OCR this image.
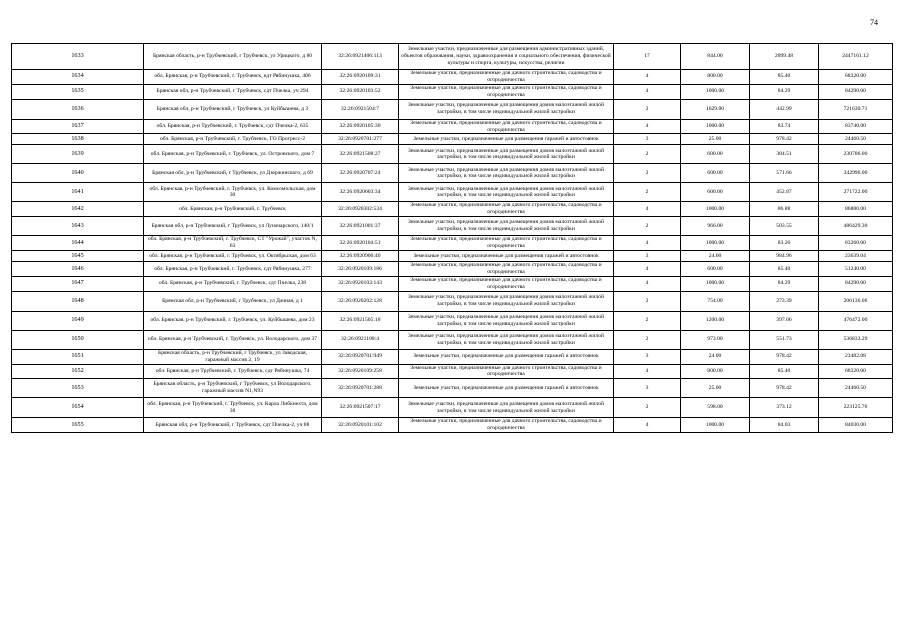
74
1633	Брянская область, р-н Трубчевский, г Трубчевск, ул Урицкого, д 80	32:26:0921406:113	Земельные участки, предназначенные для размещения административных зданий, объектов образования, науки, здравоохранения и социального обеспечения, физической культуры и спорта, культуры, искусства, религии	17	844.00	2899.48	2447161.12
1634	обл. Брянская, р-н Трубчевский, г. Трубчевск, едт Рябинушка, 406	32:26:0920109:31	Земельные участки, предназначенные для дачного строительства, садоводства и огородничества	4	800.00	85.40	68320.00
1635	Брянская обл, р-н Трубчевский, г Трубчевск, сдт Пчелка, уч 294	32:26:0920103:52	Земельные участки, предназначенные для дачного строительства, садоводства и огородничества	4	1000.00	84.29	84290.00
1636	Брянская обл, р-н Трубчевский, г Трубчевск, ул Куйбышева, д 3	32:26:0921504:7	Земельные участки, предназначенные для размещения домов малоэтажной жилой застройки, в том числе индивидуальной жилой застройки	2	1629.00	442.99	721630.71
1637	обл. Брянская, р-н Трубчевский, г. Трубчевск, сдт Пчелка-2, 635	32:26:0920105:30	Земельные участки, предназначенные для дачного строительства, садоводства и огородничества	4	1000.00	83.74	83740.00
1638	обл. Брянская, р-н Трубчевский, г. Трубчевск, ГО Прогресс-2	32:26:0920701:277	Земельные участки, предназначенные для размещения гаражей и автостоянок	3	25.00	978.42	24460.50
1639	обл. Брянская, р-н Трубчевский, г. Трубчевск, ул. Островского, дом 7	32:26:0921508:27	Земельные участки, предназначенные для размещения домов малоэтажной жилой застройки, в том числе индивидуальной жилой застройки	2	600.00	384.51	230706.00
1640	Брянская обл, р-н Трубчевский, г Трубчевск, ул Дзержинского, д 69	32:26:0920707:24	Земельные участки, предназначенные для размещения домов малоэтажной жилой застройки, в том числе индивидуальной жилой застройки	2	600.00	571.66	342996.00
1641	обл. Брянская, р-н Трубчевский, г. Трубчевск, ул. Комсомольская, дом 30	32:26:0920603:34	Земельные участки, предназначенные для размещения домов малоэтажной жилой застройки, в том числе индивидуальной жилой застройки	2	600.00	452.87	271722.00
1642	обл. Брянская, р-н Трубчевский, г. Трубчевск	32:26:0920302:534	Земельные участки, предназначенные для дачного строительства, садоводства и огородничества	4	1000.00	86.88	86880.00
1643	Брянская обл, р-н Трубчевский, г Трубчевск, ул Луначарского, 140/1	32:26:0921001:37	Земельные участки, предназначенные для размещения домов малоэтажной жилой застройки, в том числе индивидуальной жилой застройки	2	966.00	503.55	486429.30
1644	обл. Брянская, р-н Трубчевский, г. Трубчевск, СТ "Урожай", участок N, 63	32:26:0920104:51	Земельные участки, предназначенные для дачного строительства, садоводства и огородничества	4	1000.00	83.26	83260.00
1645	обл. Брянская, р-н Трубчевский, г. Трубчевск, ул. Октябрьская, дом 63	32:26:0920906:40	Земельные участки, предназначенные для размещения гаражей и автостоянок	3	24.00	984.96	23639.04
1646	обл. Брянская, р-н Трубчевский, г. Трубчевск, сдт Рябинушка, 277	32:26:0920109:186	Земельные участки, предназначенные для дачного строительства, садоводства и огородничества	4	600.00	85.40	51240.00
1647	обл. Брянская, р-н Трубчевский, г. Трубчевск, сдт Пчелка, 238	32:26:0920103:143	Земельные участки, предназначенные для дачного строительства, садоводства и огородничества	4	1000.00	84.29	84290.00
1648	Брянская обл, р-н Трубчевский, г Трубчевск, ул Дачная, д 1	32:26:0920202:128	Земельные участки, предназначенные для размещения домов малоэтажной жилой застройки, в том числе индивидуальной жилой застройки	2	754.00	273.39	206136.06
1649	обл. Брянская, р-н Трубчевский, г. Трубчевск, ул. Куйбышева, дом 23	32:26:0921505:18	Земельные участки, предназначенные для размещения домов малоэтажной жилой застройки, в том числе индивидуальной жилой застройки	2	1200.00	397.06	476472.00
1650	обл. Брянская, р-н Трубчевский, г. Трубчевск, ул. Володарского, дом 37	32:26:0921108:4	Земельные участки, предназначенные для размещения домов малоэтажной жилой застройки, в том числе индивидуальной жилой застройки	2	973.00	551.73	536833.29
1651	Брянская область, р-н Трубчевский, г Трубчевск, ул Заводская, гаражный массив 2, 19	32:26:0920701:949	Земельные участки, предназначенные для размещения гаражей и автостоянок	3	24.00	978.42	23482.08
1652	обл. Брянская, р-н Трубчевский, г. Трубчевск, сдт Рябинушка, 74	32:26:0920109:258	Земельные участки, предназначенные для дачного строительства, садоводства и огородничества	4	800.00	85.40	68320.00
1653	Брянская область, р-н Трубчевский, г Трубчевск, ул Володарского, гаражный массив N1,N93	32:26:0920701:288	Земельные участки, предназначенные для размещения гаражей и автостоянок	3	25.00	978.42	24460.50
1654	обл. Брянская, р-н Трубчевский, г. Трубчевск, ул. Карла Либкнехта, дом 38	32:26:0921507:17	Земельные участки, предназначенные для размещения домов малоэтажной жилой застройки, в том числе индивидуальной жилой застройки	2	598.00	373.12	223125.76
1655	Брянская обл, р-н Трубчевский, г Трубчевск, сдт Пчелка-2, уч 88	32:26:0920101:102	Земельные участки, предназначенные для дачного строительства, садоводства и огородничества	4	1000.00	84.03	84030.00
